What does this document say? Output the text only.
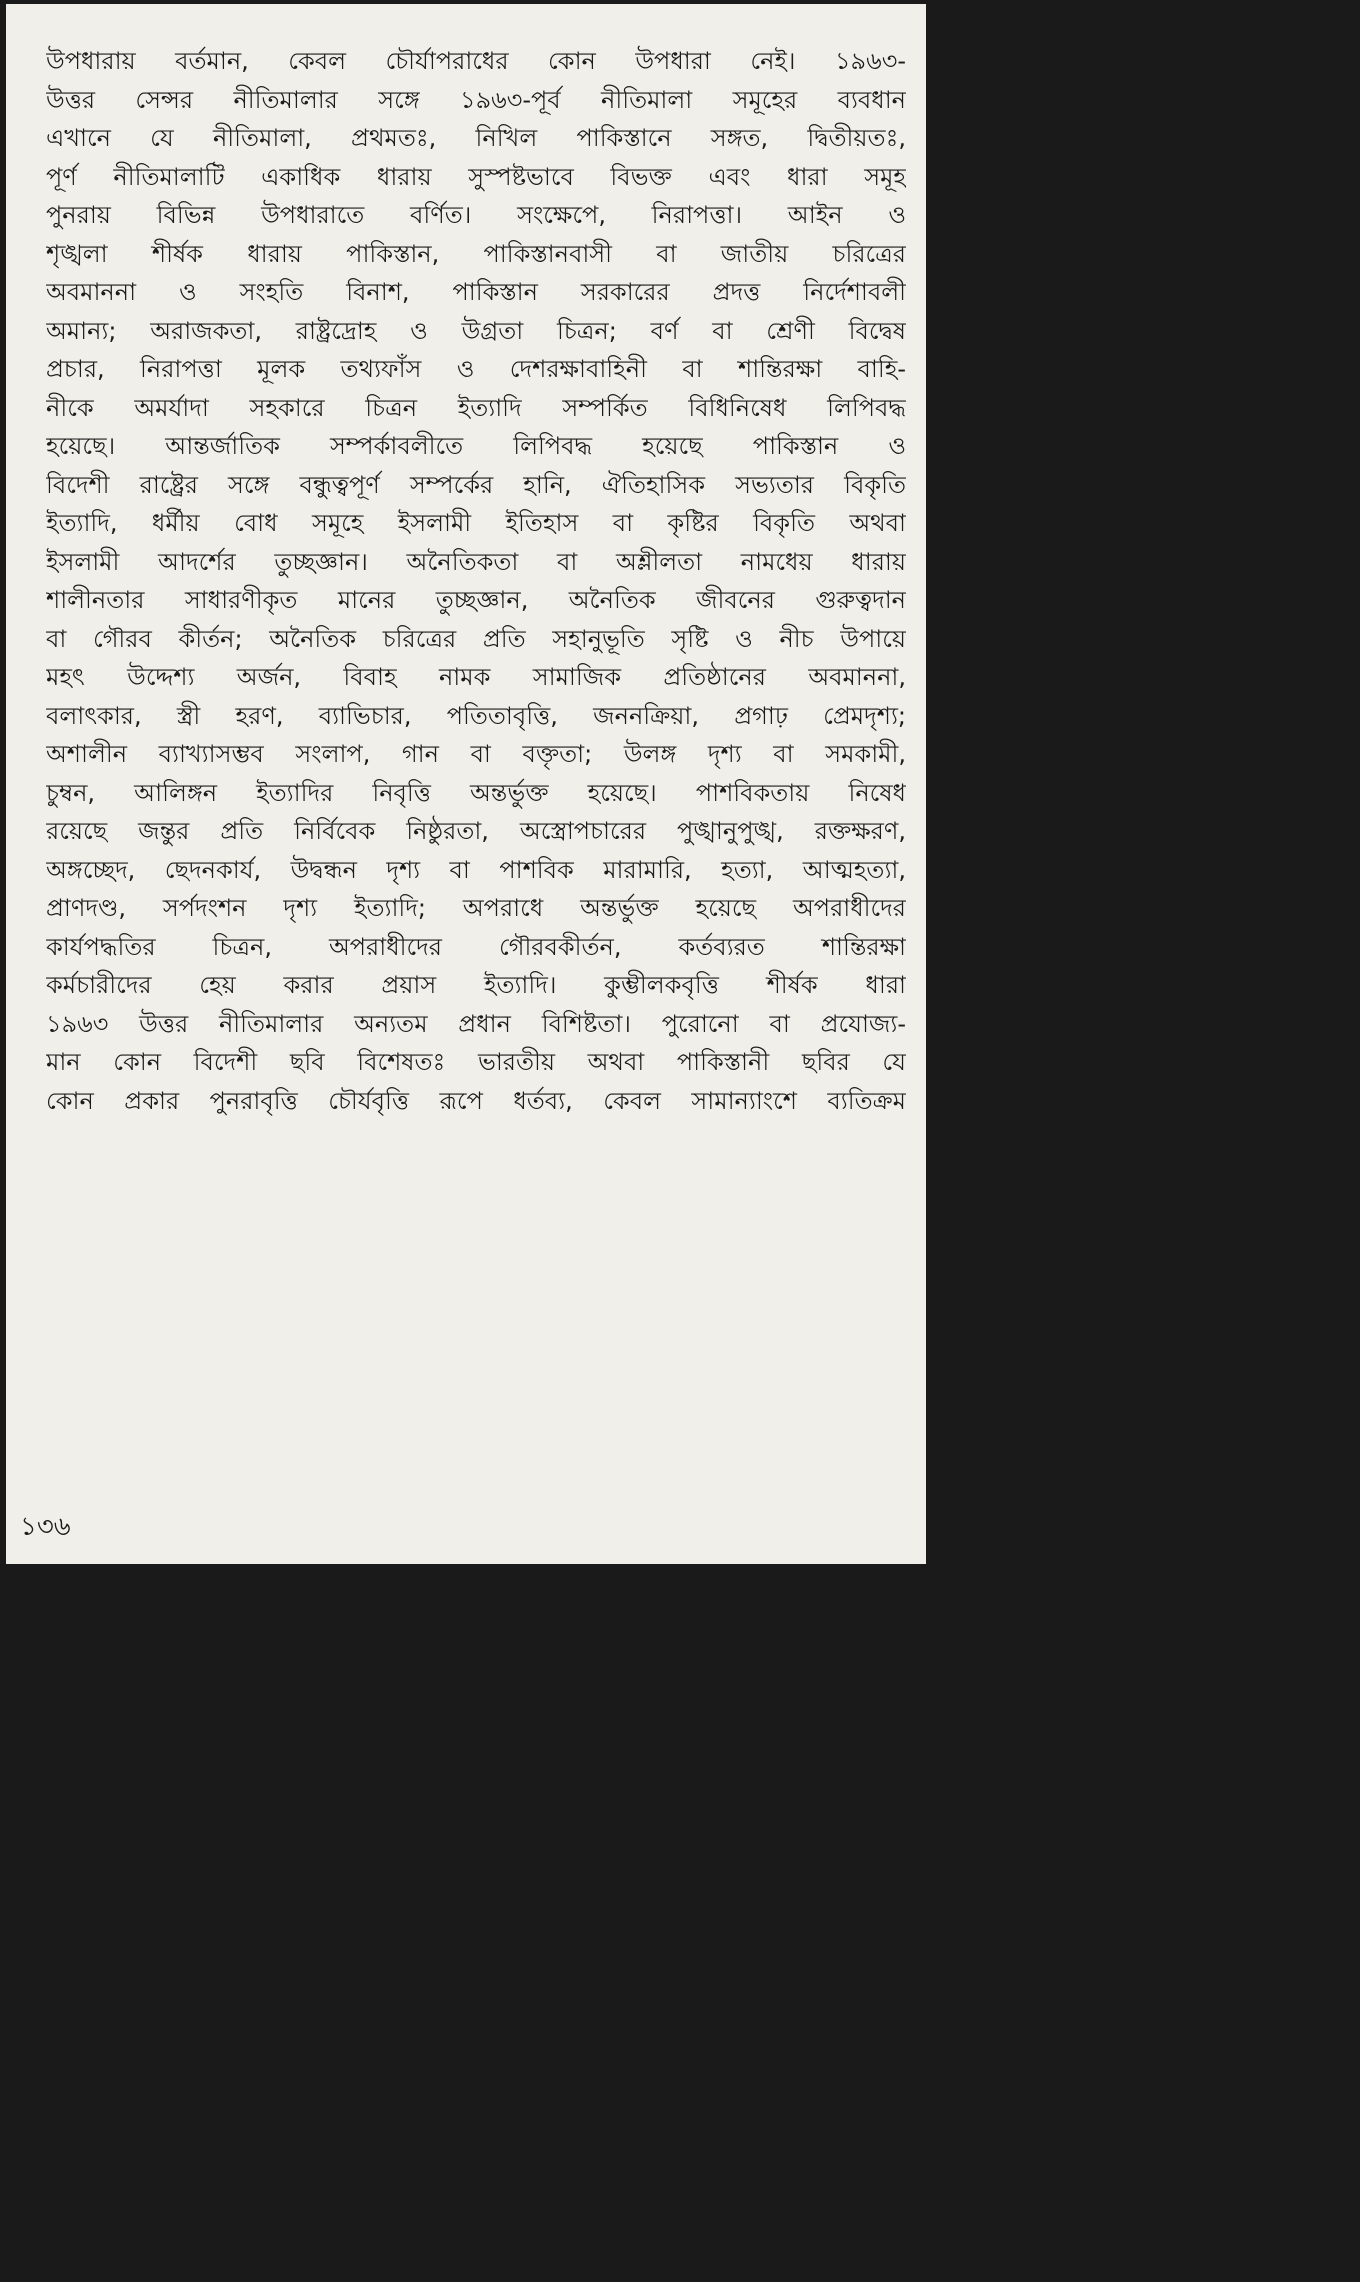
উপধারায় বর্তমান, কেবল চৌর্যাপরাধের কোন উপধারা নেই। ১৯৬৩-
উত্তর সেন্সর নীতিমালার সঙ্গে ১৯৬৩-পূর্ব নীতিমালা সমূহের ব্যবধান
এখানে যে নীতিমালা, প্রথমতঃ, নিখিল পাকিস্তানে সঙ্গত, দ্বিতীয়তঃ,
পূর্ণ নীতিমালাটি একাধিক ধারায় সুস্পষ্টভাবে বিভক্ত এবং ধারা সমূহ
পুনরায় বিভিন্ন উপধারাতে বর্ণিত। সংক্ষেপে, নিরাপত্তা। আইন ও
শৃঙ্খলা শীর্ষক ধারায় পাকিস্তান, পাকিস্তানবাসী বা জাতীয় চরিত্রের
অবমাননা ও সংহতি বিনাশ, পাকিস্তান সরকারের প্রদত্ত নির্দেশাবলী
অমান্য; অরাজকতা, রাষ্ট্রদ্রোহ ও উগ্রতা চিত্রন; বর্ণ বা শ্রেণী বিদ্বেষ
প্রচার, নিরাপত্তা মূলক তথ্যফাঁস ও দেশরক্ষাবাহিনী বা শান্তিরক্ষা বাহি-
নীকে অমর্যাদা সহকারে চিত্রন ইত্যাদি সম্পর্কিত বিধিনিষেধ লিপিবদ্ধ
হয়েছে। আন্তর্জাতিক সম্পর্কাবলীতে লিপিবদ্ধ হয়েছে পাকিস্তান ও
বিদেশী রাষ্ট্রের সঙ্গে বন্ধুত্বপূর্ণ সম্পর্কের হানি, ঐতিহাসিক সভ্যতার বিকৃতি
ইত্যাদি, ধর্মীয় বোধ সমূহে ইসলামী ইতিহাস বা কৃষ্টির বিকৃতি অথবা
ইসলামী আদর্শের তুচ্ছজ্ঞান। অনৈতিকতা বা অশ্লীলতা নামধেয় ধারায়
শালীনতার সাধারণীকৃত মানের তুচ্ছজ্ঞান, অনৈতিক জীবনের গুরুত্বদান
বা গৌরব কীর্তন; অনৈতিক চরিত্রের প্রতি সহানুভূতি সৃষ্টি ও নীচ উপায়ে
মহৎ উদ্দেশ্য অর্জন, বিবাহ নামক সামাজিক প্রতিষ্ঠানের অবমাননা,
বলাৎকার, স্ত্রী হরণ, ব্যাভিচার, পতিতাবৃত্তি, জননক্রিয়া, প্রগাঢ় প্রেমদৃশ্য;
অশালীন ব্যাখ্যাসম্ভব সংলাপ, গান বা বক্তৃতা; উলঙ্গ দৃশ্য বা সমকামী,
চুম্বন, আলিঙ্গন ইত্যাদির নিবৃত্তি অন্তর্ভুক্ত হয়েছে। পাশবিকতায় নিষেধ
রয়েছে জন্তুর প্রতি নির্বিবেক নিষ্ঠুরতা, অস্ত্রোপচারের পুঙ্খানুপুঙ্খ, রক্তক্ষরণ,
অঙ্গচ্ছেদ, ছেদনকার্য, উদ্বন্ধন দৃশ্য বা পাশবিক মারামারি, হত্যা, আত্মহত্যা,
প্রাণদণ্ড, সর্পদংশন দৃশ্য ইত্যাদি; অপরাধে অন্তর্ভুক্ত হয়েছে অপরাধীদের
কার্যপদ্ধতির চিত্রন, অপরাধীদের গৌরবকীর্তন, কর্তব্যরত শান্তিরক্ষা
কর্মচারীদের হেয় করার প্রয়াস ইত্যাদি। কুম্ভীলকবৃত্তি শীর্ষক ধারা
১৯৬৩ উত্তর নীতিমালার অন্যতম প্রধান বিশিষ্টতা। পুরোনো বা প্রযোজ্য-
মান কোন বিদেশী ছবি বিশেষতঃ ভারতীয় অথবা পাকিস্তানী ছবির যে
কোন প্রকার পুনরাবৃত্তি চৌর্যবৃত্তি রূপে ধর্তব্য, কেবল সামান্যাংশে ব্যতিক্রম
১৩৬
